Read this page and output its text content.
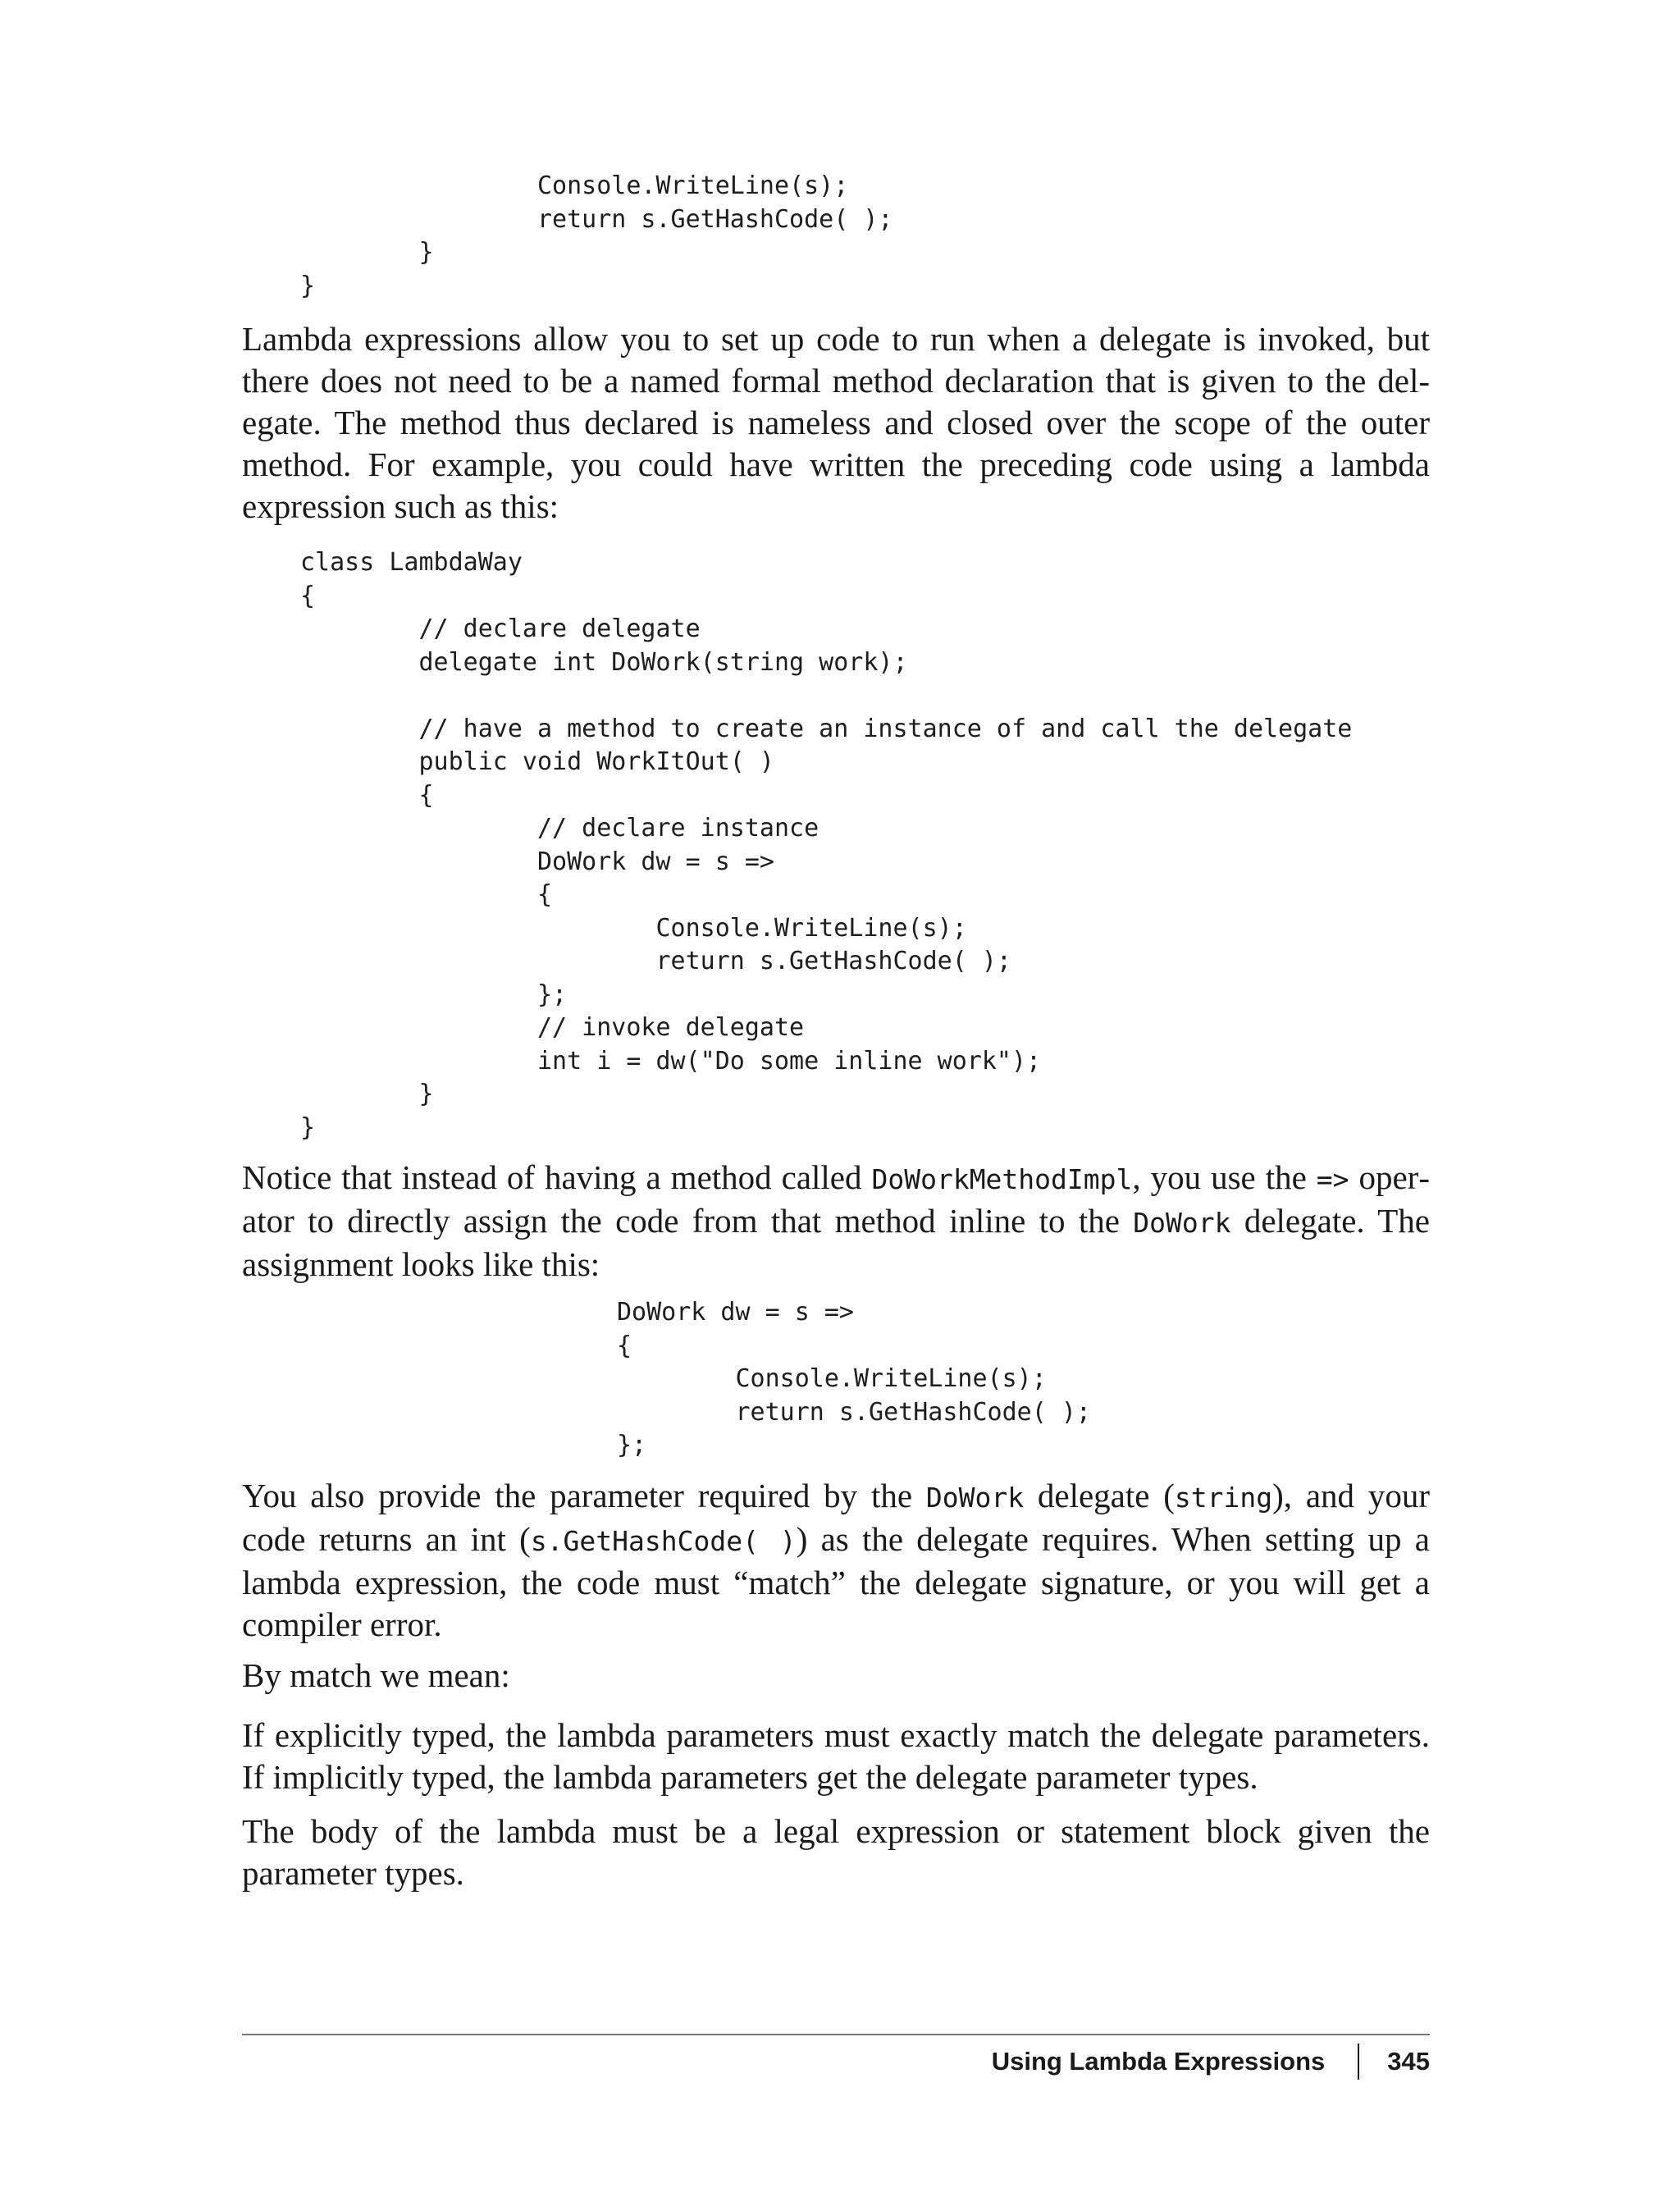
Console.WriteLine(s);
return s.GetHashCode( );
}
}

Lambda expressions allow you to set up code to run when a delegate is invoked, but there does not need to be a named formal method declaration that is given to the delegate. The method thus declared is nameless and closed over the scope of the outer method. For example, you could have written the preceding code using a lambda expression such as this:

class LambdaWay
{
// declare delegate
delegate int DoWork(string work);

// have a method to create an instance of and call the delegate
public void WorkItOut( )
{
// declare instance
DoWork dw = s =>
{
Console.WriteLine(s);
return s.GetHashCode( );
};
// invoke delegate
int i = dw("Do some inline work");
}
}

Notice that instead of having a method called DoWorkMethodImpl, you use the => operator to directly assign the code from that method inline to the DoWork delegate. The assignment looks like this:

DoWork dw = s =>
{
Console.WriteLine(s);
return s.GetHashCode( );
};

You also provide the parameter required by the DoWork delegate (string), and your code returns an int (s.GetHashCode( )) as the delegate requires. When setting up a lambda expression, the code must “match” the delegate signature, or you will get a compiler error.

By match we mean:

If explicitly typed, the lambda parameters must exactly match the delegate parameters. If implicitly typed, the lambda parameters get the delegate parameter types.

The body of the lambda must be a legal expression or statement block given the parameter types.

Using Lambda Expressions 345
